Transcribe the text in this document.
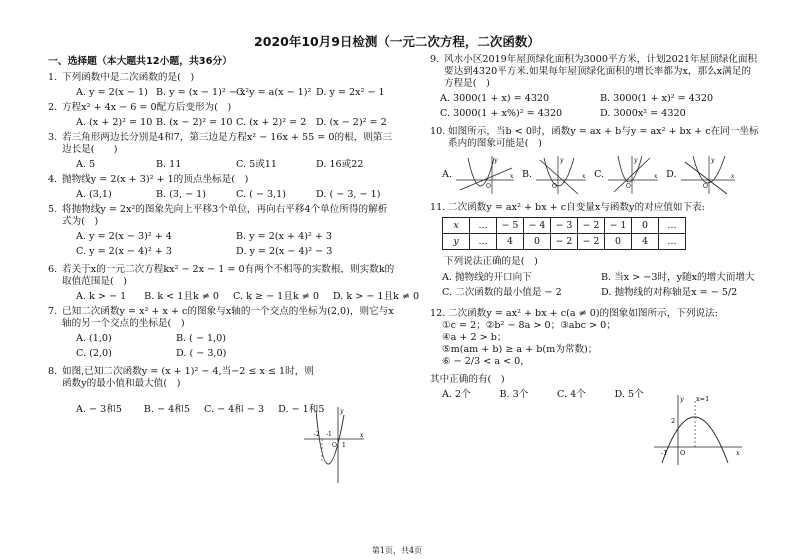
2020年10月9日检测（一元二次方程，二次函数）
一、选择题（本大题共12小题，共36分）
1. 下列函数中是二次函数的是(　)
A. y = 2(x − 1) B. y = (x − 1)² − x²
C. y = a(x − 1)² D. y = 2x² − 1
2. 方程x² + 4x − 6 = 0配方后变形为(　)
A. (x + 2)² = 10 B. (x − 2)² = 10 C. (x + 2)² = 2	D. (x − 2)² = 2
3. 若三角形两边长分别是4和7，第三边是方程x² − 16x + 55 = 0的根，则第三边长是(　　)
A. 5	B. 11	C. 5或11	D. 16或22
4. 抛物线y = 2(x + 3)² + 1的顶点坐标是(　)
A. (3,1)	B. (3, − 1)	C. ( − 3,1)	D. ( − 3, − 1)
5. 将抛物线y = 2x²的图象先向上平移3个单位，再向右平移4个单位所得的解析式为(　)
A. y = 2(x − 3)² + 4	B. y = 2(x + 4)² + 3
C. y = 2(x − 4)² + 3	D. y = 2(x − 4)² − 3
6. 若关于x的一元二次方程kx² − 2x − 1 = 0有两个不相等的实数根，则实数k的取值范围是(　)
A. k > − 1 B. k < 1且k ≠ 0 C. k ≥ − 1且k ≠ 0 D. k > − 1且k ≠ 0
7. 已知二次函数y = x² + x + c的图象与x轴的一个交点的坐标为(2,0)，则它与x轴的另一个交点的坐标是(　)
A. (1,0)	B. ( − 1,0)
C. (2,0)	D. ( − 3,0)
8. 如图,已知二次函数y = (x + 1)² − 4,当−2 ≤ x ≤ 1时，则函数y的最小值和最大值(　)
A. − 3和5 B. − 4和5 C. − 4和 − 3 D. − 1和5
-2 -1
O 1
x
y
9. 风水小区2019年屋顶绿化面积为3000平方米，计划2021年屋顶绿化面积要达到4320平方米.如果每年屋顶绿化面积的增长率都为x，那么x满足的方程是(　)
A. 3000(1 + x) = 4320	B. 3000(1 + x)² = 4320
C. 3000(1 + x%)² = 4320	D. 3000x² = 4320
10. 如图所示，当b < 0时，函数y = ax + b与y = ax² + bx + c在同一坐标系内的图象可能是(　)
A.
O
x
y
B.
O
x
y
C.
O
x
y
D.
O
x
y
11. 二次函数y = ax² + bx + c自变量x与函数y的对应值如下表:
x	...	− 5	− 4	− 3	− 2	− 1	0	...
y	...	4	0	− 2	− 2	0	4	...
下列说法正确的是(　)
A. 抛物线的开口向下	B. 当x > −3时，y随x的增大而增大
C. 二次函数的最小值是 − 2	D. 抛物线的对称轴是x = − 5/2
12. 二次函数y = ax² + bx + c(a ≠ 0)的图象如图所示，下列说法:
①c = 2；②b² − 8a > 0；③abc > 0；
④a + 2 > b；
⑤m(am + b) ≥ a + b(m为常数)；
⑥ − 2/3 < a < 0，
其中正确的有(　)
A. 2个	B. 3个	C. 4个	D. 5个	x=1
2
-1 O	x
y
第1页，共4页
